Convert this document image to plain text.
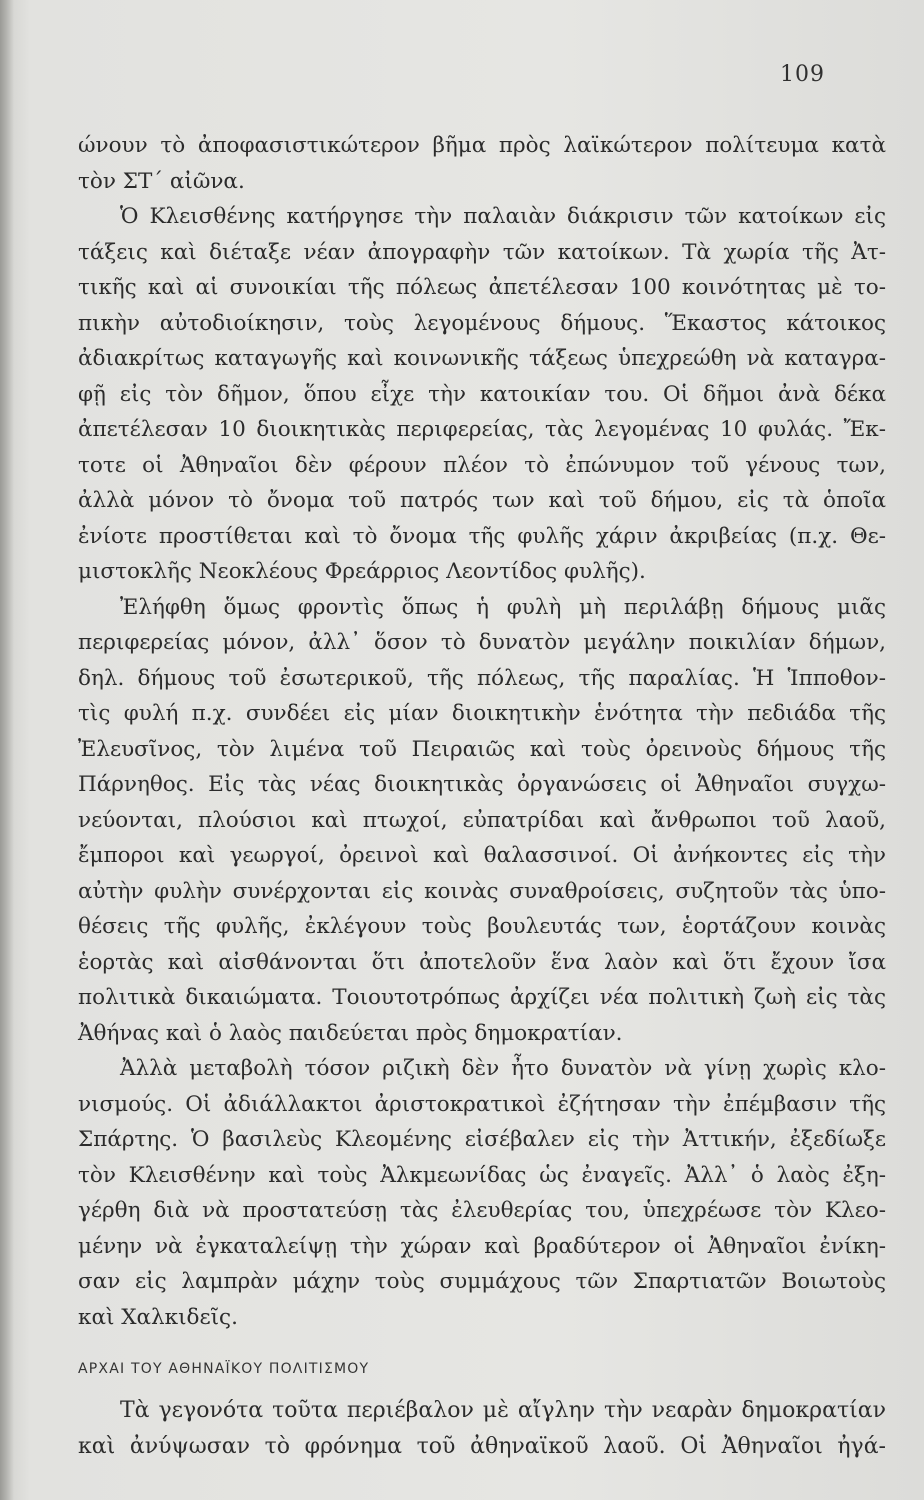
109
ώνουν τὸ ἀποφασιστικώτερον βῆμα πρὸς λαϊκώτερον πολίτευμα κατὰ
τὸν ΣΤ΄ αἰῶνα.
Ὁ Κλεισθένης κατήργησε τὴν παλαιὰν διάκρισιν τῶν κατοίκων εἰς
τάξεις καὶ διέταξε νέαν ἀπογραφὴν τῶν κατοίκων. Τὰ χωρία τῆς Ἀτ-
τικῆς καὶ αἱ συνοικίαι τῆς πόλεως ἀπετέλεσαν 100 κοινότητας μὲ το-
πικὴν αὐτοδιοίκησιν, τοὺς λεγομένους δήμους. Ἕκαστος κάτοικος
ἀδιακρίτως καταγωγῆς καὶ κοινωνικῆς τάξεως ὑπεχρεώθη νὰ καταγρα-
φῇ εἰς τὸν δῆμον, ὅπου εἶχε τὴν κατοικίαν του. Οἱ δῆμοι ἀνὰ δέκα
ἀπετέλεσαν 10 διοικητικὰς περιφερείας, τὰς λεγομένας 10 φυλάς. Ἔκ-
τοτε οἱ Ἀθηναῖοι δὲν φέρουν πλέον τὸ ἐπώνυμον τοῦ γένους των,
ἀλλὰ μόνον τὸ ὄνομα τοῦ πατρός των καὶ τοῦ δήμου, εἰς τὰ ὁποῖα
ἐνίοτε προστίθεται καὶ τὸ ὄνομα τῆς φυλῆς χάριν ἀκριβείας (π.χ. Θε-
μιστοκλῆς Νεοκλέους Φρεάρριος Λεοντίδος φυλῆς).
Ἐλήφθη ὅμως φροντὶς ὅπως ἡ φυλὴ μὴ περιλάβῃ δήμους μιᾶς
περιφερείας μόνον, ἀλλ᾿ ὅσον τὸ δυνατὸν μεγάλην ποικιλίαν δήμων,
δηλ. δήμους τοῦ ἐσωτερικοῦ, τῆς πόλεως, τῆς παραλίας. Ἡ Ἱπποθον-
τὶς φυλή π.χ. συνδέει εἰς μίαν διοικητικὴν ἑνότητα τὴν πεδιάδα τῆς
Ἐλευσῖνος, τὸν λιμένα τοῦ Πειραιῶς καὶ τοὺς ὀρεινοὺς δήμους τῆς
Πάρνηθος. Εἰς τὰς νέας διοικητικὰς ὀργανώσεις οἱ Ἀθηναῖοι συγχω-
νεύονται, πλούσιοι καὶ πτωχοί, εὐπατρίδαι καὶ ἄνθρωποι τοῦ λαοῦ,
ἔμποροι καὶ γεωργοί, ὀρεινοὶ καὶ θαλασσινοί. Οἱ ἀνήκοντες εἰς τὴν
αὐτὴν φυλὴν συνέρχονται εἰς κοινὰς συναθροίσεις, συζητοῦν τὰς ὑπο-
θέσεις τῆς φυλῆς, ἐκλέγουν τοὺς βουλευτάς των, ἑορτάζουν κοινὰς
ἑορτὰς καὶ αἰσθάνονται ὅτι ἀποτελοῦν ἕνα λαὸν καὶ ὅτι ἔχουν ἴσα
πολιτικὰ δικαιώματα. Τοιουτοτρόπως ἀρχίζει νέα πολιτικὴ ζωὴ εἰς τὰς
Ἀθήνας καὶ ὁ λαὸς παιδεύεται πρὸς δημοκρατίαν.
Ἀλλὰ μεταβολὴ τόσον ριζικὴ δὲν ἦτο δυνατὸν νὰ γίνῃ χωρὶς κλο-
νισμούς. Οἱ ἀδιάλλακτοι ἀριστοκρατικοὶ ἐζήτησαν τὴν ἐπέμβασιν τῆς
Σπάρτης. Ὁ βασιλεὺς Κλεομένης εἰσέβαλεν εἰς τὴν Ἀττικήν, ἐξεδίωξε
τὸν Κλεισθένην καὶ τοὺς Ἀλκμεωνίδας ὡς ἐναγεῖς. Ἀλλ᾿ ὁ λαὸς ἐξη-
γέρθη διὰ νὰ προστατεύσῃ τὰς ἐλευθερίας του, ὑπεχρέωσε τὸν Κλεο-
μένην νὰ ἐγκαταλείψῃ τὴν χώραν καὶ βραδύτερον οἱ Ἀθηναῖοι ἐνίκη-
σαν εἰς λαμπρὰν μάχην τοὺς συμμάχους τῶν Σπαρτιατῶν Βοιωτοὺς
καὶ Χαλκιδεῖς.
ΑΡΧΑΙ ΤΟΥ ΑΘΗΝΑΪΚΟΥ ΠΟΛΙΤΙΣΜΟΥ
Τὰ γεγονότα τοῦτα περιέβαλον μὲ αἴγλην τὴν νεαρὰν δημοκρατίαν
καὶ ἀνύψωσαν τὸ φρόνημα τοῦ ἀθηναϊκοῦ λαοῦ. Οἱ Ἀθηναῖοι ἠγά-
